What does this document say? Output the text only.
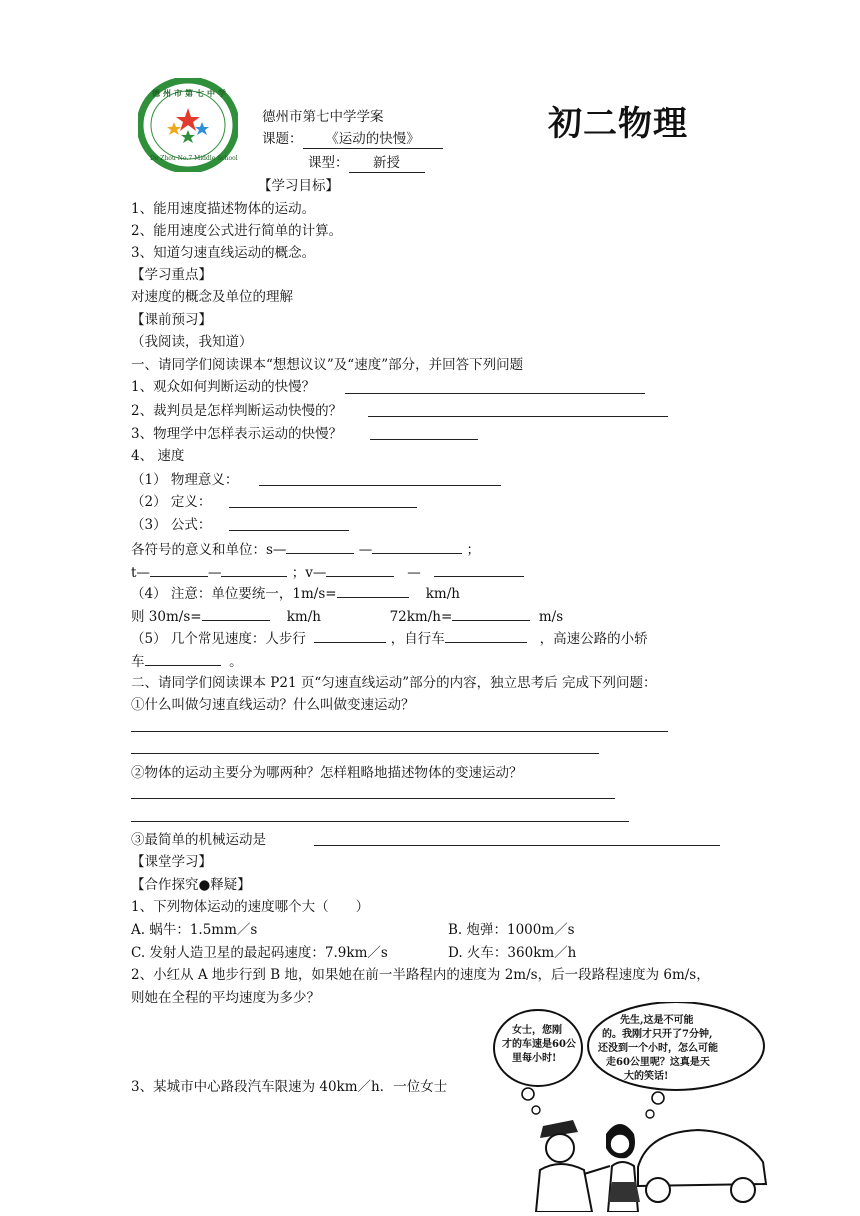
德州市第七中学
De Zhou No.7 Middle School
德州市第七中学学案
课题： 《运动的快慢》
课型： 新授
初二物理
【学习目标】
1、能用速度描述物体的运动。
2、能用速度公式进行简单的计算。
3、知道匀速直线运动的概念。
【学习重点】
对速度的概念及单位的理解
【课前预习】
（我阅读，我知道）
一、请同学们阅读课本“想想议议”及“速度”部分，并回答下列问题
1、观众如何判断运动的快慢？
2、裁判员是怎样判断运动快慢的？
3、物理学中怎样表示运动的快慢？
4、 速度
（1） 物理意义：
（2） 定义：
（3） 公式：
各符号的意义和单位：s—	—	；
t—	—	；v—	—
（4） 注意：单位要统一，1m/s=	km/h
则 30m/s=	km/h	72km/h=	m/s
（5） 几个常见速度：人步行	，自行车	，高速公路的小轿
车	。
二、请同学们阅读课本 P21 页“匀速直线运动”部分的内容，独立思考后 完成下列问题：
①什么叫做匀速直线运动？什么叫做变速运动？
②物体的运动主要分为哪两种？怎样粗略地描述物体的变速运动？
③最简单的机械运动是
【课堂学习】
【合作探究●释疑】
1、下列物体运动的速度哪个大（　　）
A. 蜗牛：1.5mm／s	B. 炮弹：1000m／s
C. 发射人造卫星的最起码速度：7.9km／s	D. 火车：360km／h
2、小红从 A 地步行到 B 地，如果她在前一半路程内的速度为 2m/s，后一段路程速度为 6m/s，
则她在全程的平均速度为多少？
3、某城市中心路段汽车限速为 40km／h．一位女士
女士，您刚
才的车速是60公
里每小时!
先生,这是不可能
的。我刚才只开了7分钟,
还没到一个小时，怎么可能
走60公里呢？这真是天
大的笑话!
